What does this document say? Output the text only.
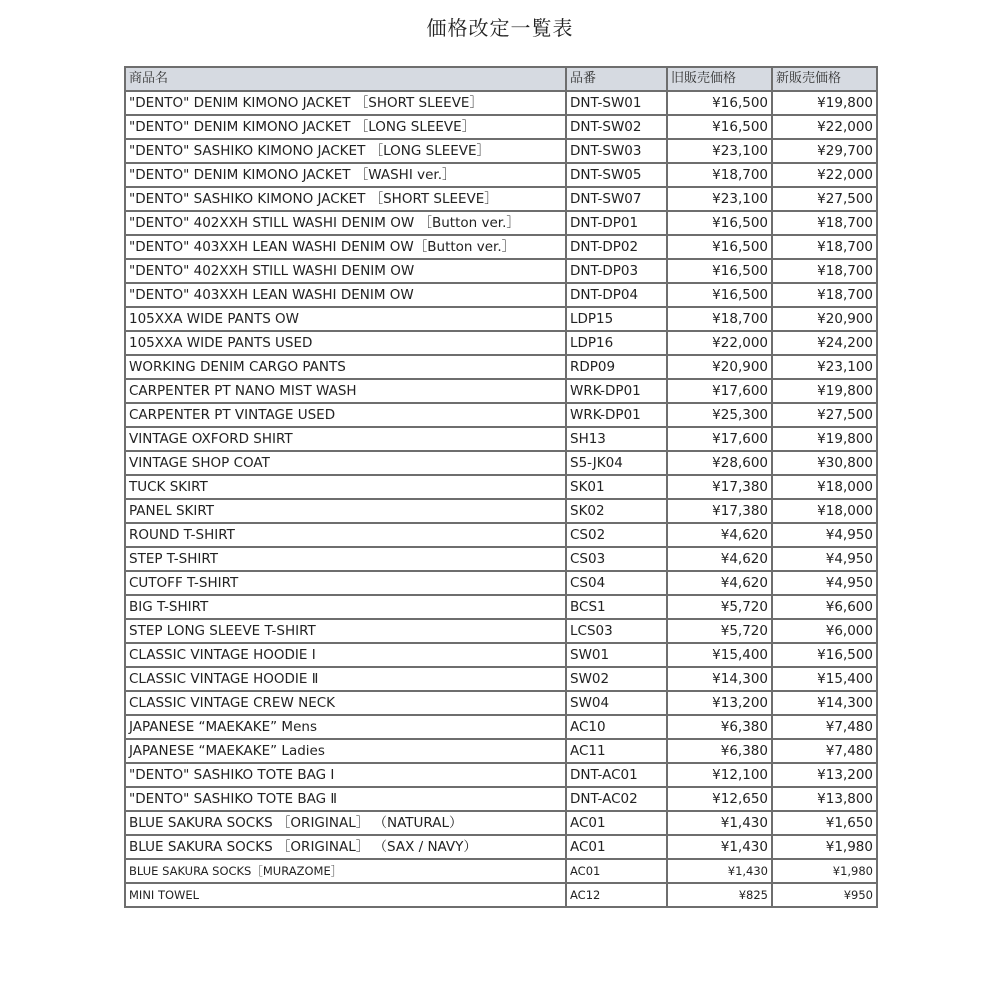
価格改定一覧表
商品名	品番	旧販売価格	新販売価格
"DENTO" DENIM KIMONO JACKET ［SHORT SLEEVE］	DNT-SW01	¥16,500	¥19,800
"DENTO" DENIM KIMONO JACKET ［LONG SLEEVE］	DNT-SW02	¥16,500	¥22,000
"DENTO" SASHIKO KIMONO JACKET ［LONG SLEEVE］	DNT-SW03	¥23,100	¥29,700
"DENTO" DENIM KIMONO JACKET ［WASHI ver.］	DNT-SW05	¥18,700	¥22,000
"DENTO" SASHIKO KIMONO JACKET ［SHORT SLEEVE］	DNT-SW07	¥23,100	¥27,500
"DENTO" 402XXH STILL WASHI DENIM OW ［Button ver.］	DNT-DP01	¥16,500	¥18,700
"DENTO" 403XXH LEAN WASHI DENIM OW［Button ver.］	DNT-DP02	¥16,500	¥18,700
"DENTO" 402XXH STILL WASHI DENIM OW	DNT-DP03	¥16,500	¥18,700
"DENTO" 403XXH LEAN WASHI DENIM OW	DNT-DP04	¥16,500	¥18,700
105XXA WIDE PANTS OW	LDP15	¥18,700	¥20,900
105XXA WIDE PANTS USED	LDP16	¥22,000	¥24,200
WORKING DENIM CARGO PANTS	RDP09	¥20,900	¥23,100
CARPENTER PT NANO MIST WASH	WRK-DP01	¥17,600	¥19,800
CARPENTER PT VINTAGE USED	WRK-DP01	¥25,300	¥27,500
VINTAGE OXFORD SHIRT	SH13	¥17,600	¥19,800
VINTAGE SHOP COAT	S5-JK04	¥28,600	¥30,800
TUCK SKIRT	SK01	¥17,380	¥18,000
PANEL SKIRT	SK02	¥17,380	¥18,000
ROUND T-SHIRT	CS02	¥4,620	¥4,950
STEP T-SHIRT	CS03	¥4,620	¥4,950
CUTOFF T-SHIRT	CS04	¥4,620	¥4,950
BIG T-SHIRT	BCS1	¥5,720	¥6,600
STEP LONG SLEEVE T-SHIRT	LCS03	¥5,720	¥6,000
CLASSIC VINTAGE HOODIE Ⅰ	SW01	¥15,400	¥16,500
CLASSIC VINTAGE HOODIE Ⅱ	SW02	¥14,300	¥15,400
CLASSIC VINTAGE CREW NECK	SW04	¥13,200	¥14,300
JAPANESE “MAEKAKE” Mens	AC10	¥6,380	¥7,480
JAPANESE “MAEKAKE” Ladies	AC11	¥6,380	¥7,480
"DENTO" SASHIKO TOTE BAG Ⅰ	DNT-AC01	¥12,100	¥13,200
"DENTO" SASHIKO TOTE BAG Ⅱ	DNT-AC02	¥12,650	¥13,800
BLUE SAKURA SOCKS ［ORIGINAL］ （NATURAL）	AC01	¥1,430	¥1,650
BLUE SAKURA SOCKS ［ORIGINAL］ （SAX / NAVY）	AC01	¥1,430	¥1,980
BLUE SAKURA SOCKS［MURAZOME］	AC01	¥1,430	¥1,980
MINI TOWEL	AC12	¥825	¥950
